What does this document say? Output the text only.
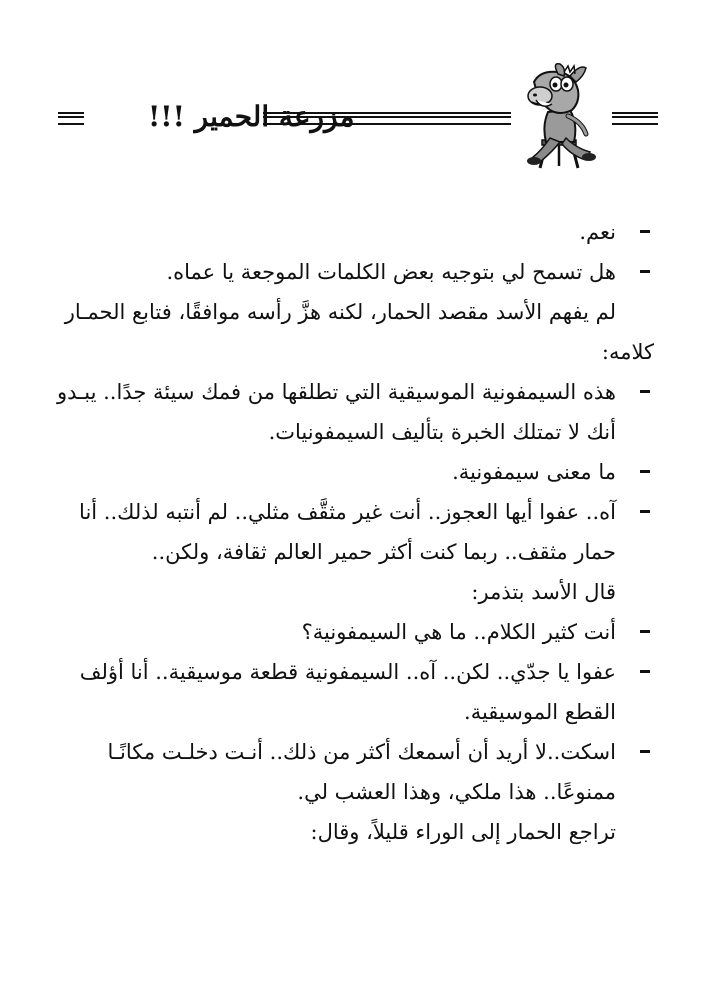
مزرعة الحمير !!!

نعم.

هل تسمح لي بتوجيه بعض الكلمات الموجعة يا عماه.

لم يفهم الأسد مقصد الحمار، لكنه هزَّ رأسه موافقًا، فتابع الحمـار

كلامه:

هذه السيمفونية الموسيقية التي تطلقها من فمك سيئة جدًا.. يبـدو

أنك لا تمتلك الخبرة بتأليف السيمفونيات.

ما معنى سيمفونية.

آه.. عفوا أيها العجوز.. أنت غير مثقَّف مثلي.. لم أنتبه لذلك.. أنا

حمار مثقف.. ربما كنت أكثر حمير العالم ثقافة، ولكن..

قال الأسد بتذمر:

أنت كثير الكلام.. ما هي السيمفونية؟

عفوا يا جدّي.. لكن.. آه.. السيمفونية قطعة موسيقية.. أنا أؤلف

القطع الموسيقية.

اسكت..لا أريد أن أسمعك أكثر من ذلك.. أنـت دخلـت مكانًـا

ممنوعًا.. هذا ملكي، وهذا العشب لي.

تراجع الحمار إلى الوراء قليلاً، وقال:
